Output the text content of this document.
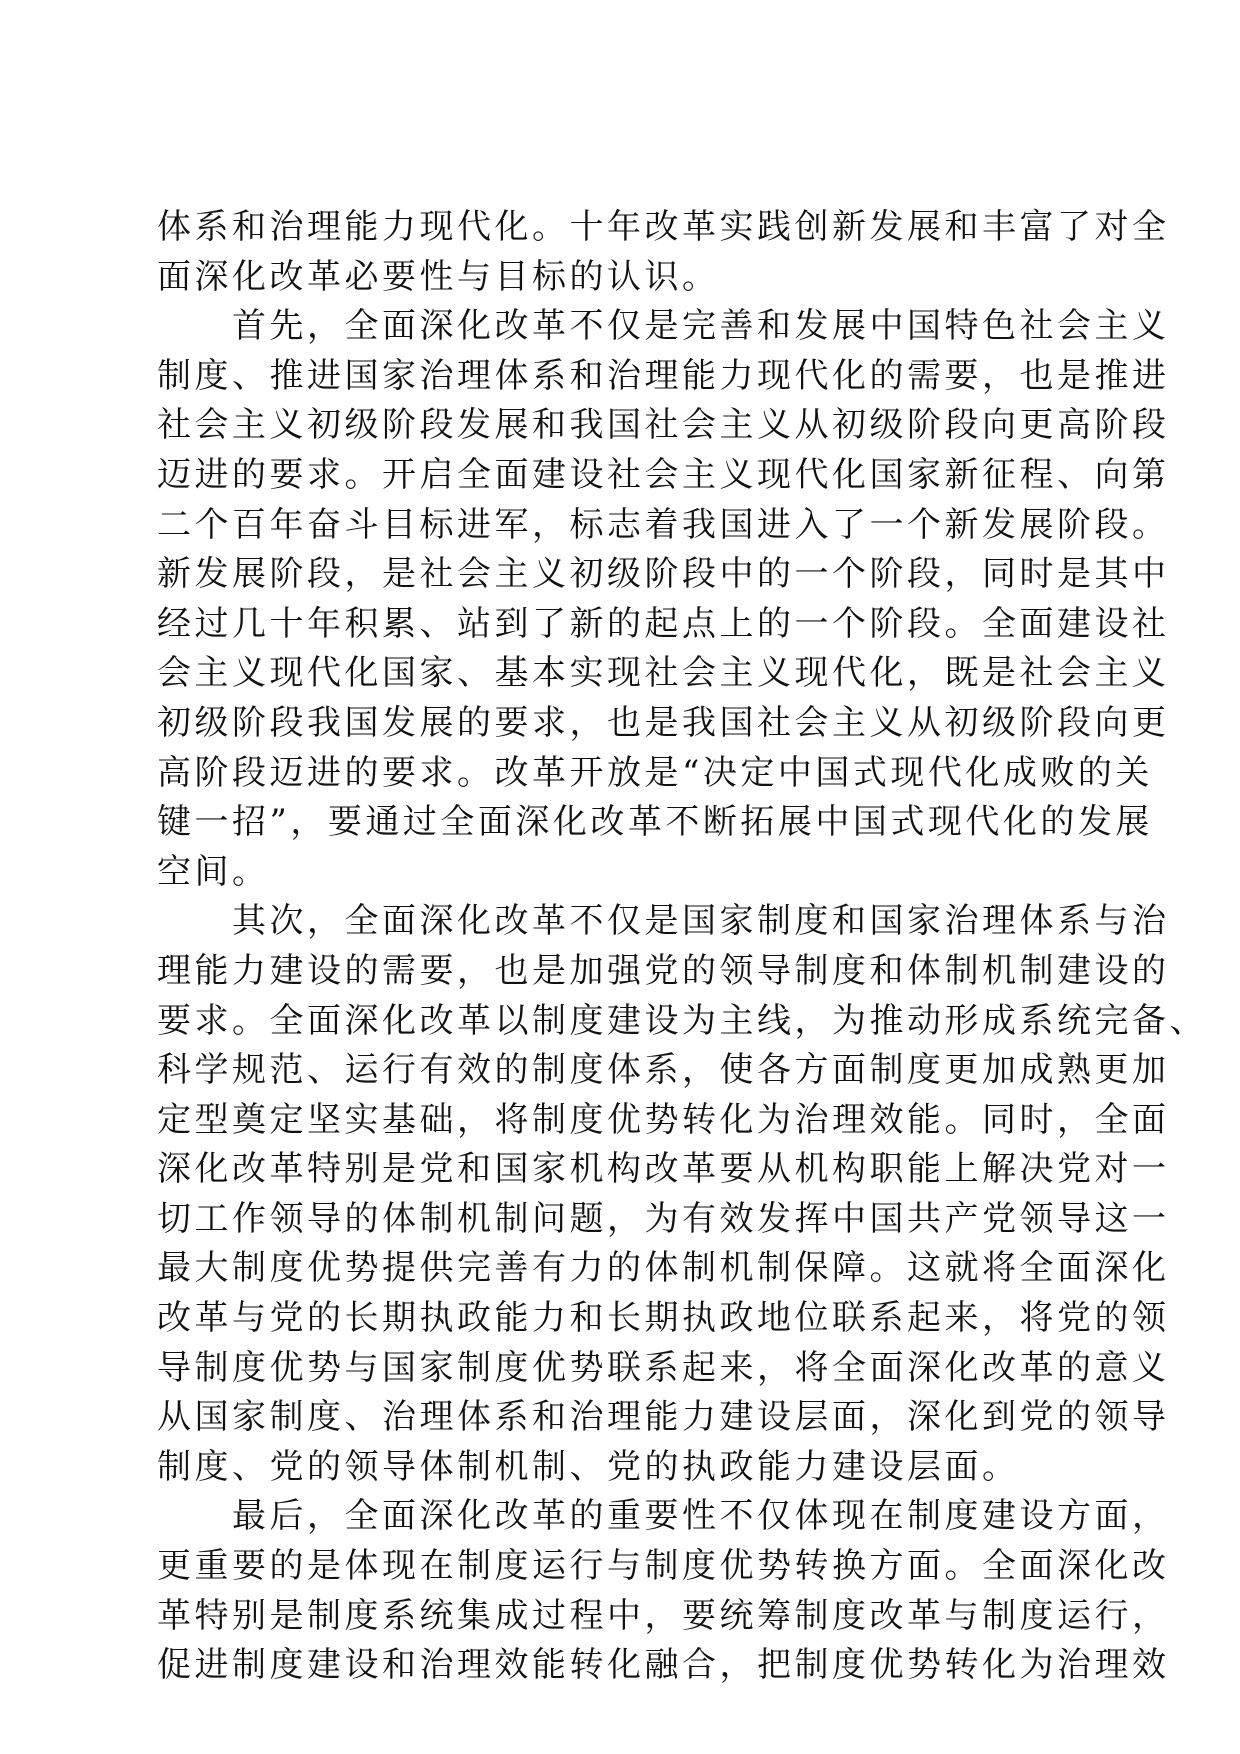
体系和治理能力现代化。十年改革实践创新发展和丰富了对全
面深化改革必要性与目标的认识。
　　首先，全面深化改革不仅是完善和发展中国特色社会主义
制度、推进国家治理体系和治理能力现代化的需要，也是推进
社会主义初级阶段发展和我国社会主义从初级阶段向更高阶段
迈进的要求。开启全面建设社会主义现代化国家新征程、向第
二个百年奋斗目标进军，标志着我国进入了一个新发展阶段。
新发展阶段，是社会主义初级阶段中的一个阶段，同时是其中
经过几十年积累、站到了新的起点上的一个阶段。全面建设社
会主义现代化国家、基本实现社会主义现代化，既是社会主义
初级阶段我国发展的要求，也是我国社会主义从初级阶段向更
高阶段迈进的要求。改革开放是“决定中国式现代化成败的关
键一招”，要通过全面深化改革不断拓展中国式现代化的发展
空间。
　　其次，全面深化改革不仅是国家制度和国家治理体系与治
理能力建设的需要，也是加强党的领导制度和体制机制建设的
要求。全面深化改革以制度建设为主线，为推动形成系统完备、
科学规范、运行有效的制度体系，使各方面制度更加成熟更加
定型奠定坚实基础，将制度优势转化为治理效能。同时，全面
深化改革特别是党和国家机构改革要从机构职能上解决党对一
切工作领导的体制机制问题，为有效发挥中国共产党领导这一
最大制度优势提供完善有力的体制机制保障。这就将全面深化
改革与党的长期执政能力和长期执政地位联系起来，将党的领
导制度优势与国家制度优势联系起来，将全面深化改革的意义
从国家制度、治理体系和治理能力建设层面，深化到党的领导
制度、党的领导体制机制、党的执政能力建设层面。
　　最后，全面深化改革的重要性不仅体现在制度建设方面，
更重要的是体现在制度运行与制度优势转换方面。全面深化改
革特别是制度系统集成过程中，要统筹制度改革与制度运行，
促进制度建设和治理效能转化融合，把制度优势转化为治理效
